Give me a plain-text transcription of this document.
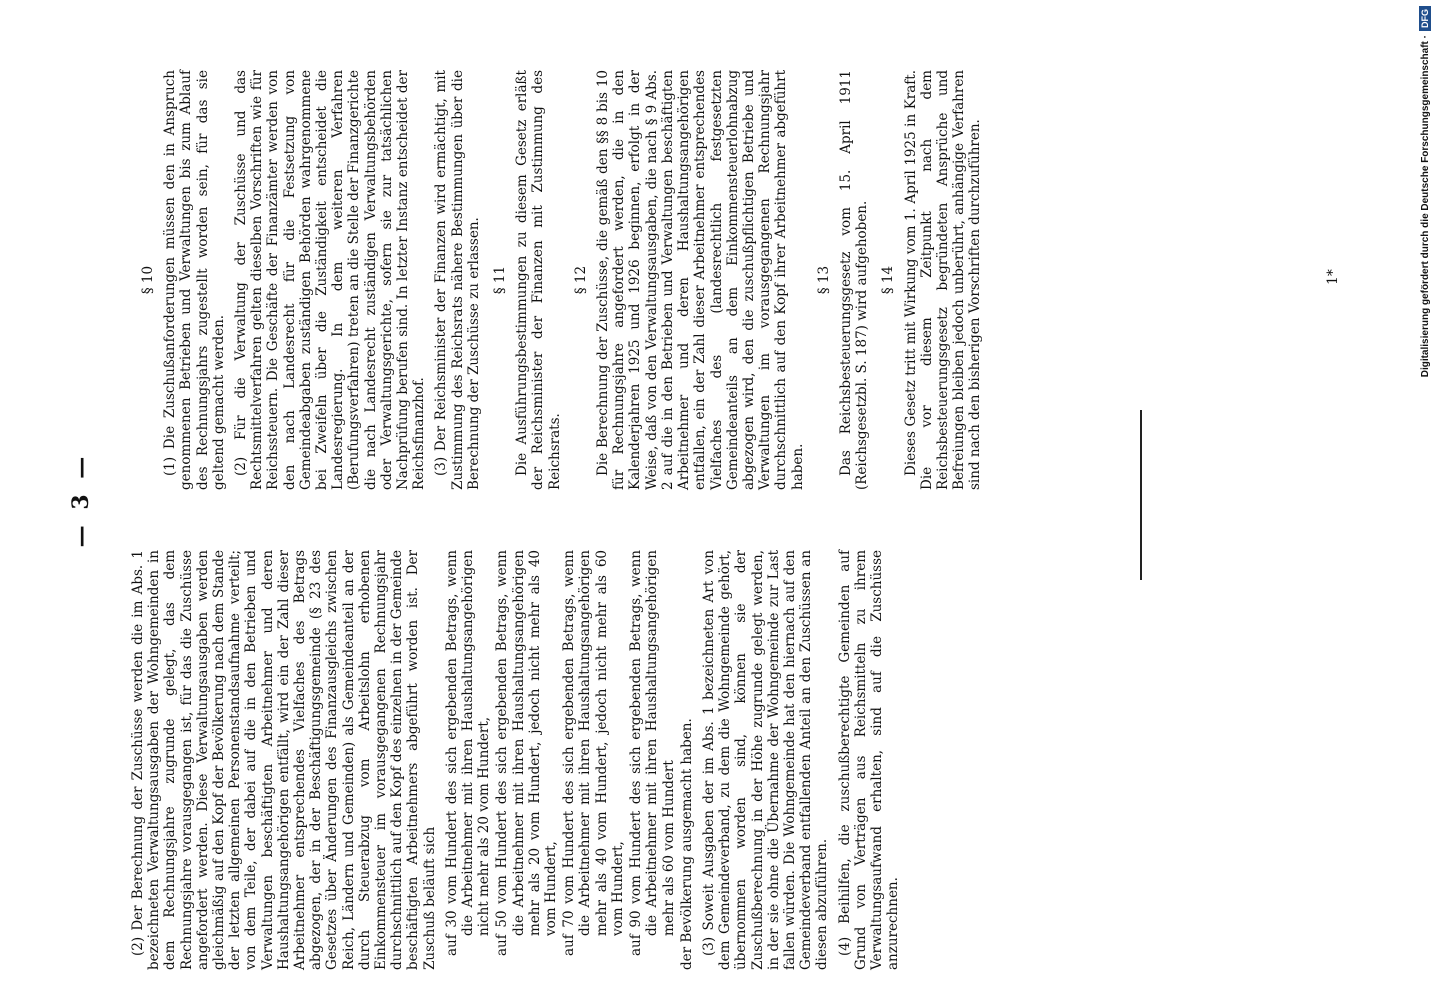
— 3 —

(2) Der Berechnung der Zuschüsse werden die im Abs. 1 bezeichneten Verwaltungsausgaben der Wohngemeinden in dem Rechnungsjahre zugrunde gelegt, das dem Rechnungsjahre vorausgegangen ist, für das die Zuschüsse angefordert werden. Diese Verwaltungsausgaben werden gleichmäßig auf den Kopf der Bevölkerung nach dem Stande der letzten allgemeinen Personenstandsaufnahme verteilt; von dem Teile, der dabei auf die in den Betrieben und Verwaltungen beschäftigten Arbeitnehmer und deren Haushaltungsangehörigen entfällt, wird ein der Zahl dieser Arbeitnehmer entsprechendes Vielfaches des Betrags abgezogen, der in der Beschäftigungsgemeinde (§ 23 des Gesetzes über Änderungen des Finanzausgleichs zwischen Reich, Ländern und Gemeinden) als Gemeindeanteil an der durch Steuerabzug vom Arbeitslohn erhobenen Einkommensteuer im vorausgegangenen Rechnungsjahr durchschnittlich auf den Kopf des einzelnen in der Gemeinde beschäftigten Arbeitnehmers abgeführt worden ist. Der Zuschuß beläuft sich auf 30 vom Hundert des sich ergebenden Betrags, wenn die Arbeitnehmer mit ihren Haushaltungsangehörigen nicht mehr als 20 vom Hundert, auf 50 vom Hundert des sich ergebenden Betrags, wenn die Arbeitnehmer mit ihren Haushaltungsangehörigen mehr als 20 vom Hundert, jedoch nicht mehr als 40 vom Hundert, auf 70 vom Hundert des sich ergebenden Betrags, wenn die Arbeitnehmer mit ihren Haushaltungsangehörigen mehr als 40 vom Hundert, jedoch nicht mehr als 60 vom Hundert, auf 90 vom Hundert des sich ergebenden Betrags, wenn die Arbeitnehmer mit ihren Haushaltungsangehörigen mehr als 60 vom Hundert der Bevölkerung ausgemacht haben. (3) Soweit Ausgaben der im Abs. 1 bezeichneten Art von dem Gemeindeverband, zu dem die Wohngemeinde gehört, übernommen worden sind, können sie der Zuschußberechnung in der Höhe zugrunde gelegt werden, in der sie ohne die Übernahme der Wohngemeinde zur Last fallen würden. Die Wohngemeinde hat den hiernach auf den Gemeindeverband entfallenden Anteil an den Zuschüssen an diesen abzuführen. (4) Beihilfen, die zuschußberechtigte Gemeinden auf Grund von Verträgen aus Reichsmitteln zu ihrem Verwaltungsaufwand erhalten, sind auf die Zuschüsse anzurechnen.

§ 10 (1) Die Zuschußanforderungen müssen den in Anspruch genommenen Betrieben und Verwaltungen bis zum Ablauf des Rechnungsjahrs zugestellt worden sein, für das sie geltend gemacht werden. (2) Für die Verwaltung der Zuschüsse und das Rechtsmittelverfahren gelten dieselben Vorschriften wie für Reichssteuern. Die Geschäfte der Finanzämter werden von den nach Landesrecht für die Festsetzung von Gemeindeabgaben zuständigen Behörden wahrgenommene bei Zweifeln über die Zuständigkeit entscheidet die Landesregierung. In dem weiteren Verfahren (Berufungsverfahren) treten an die Stelle der Finanzgerichte die nach Landesrecht zuständigen Verwaltungsbehörden oder Verwaltungsgerichte, sofern sie zur tatsächlichen Nachprüfung berufen sind. In letzter Instanz entscheidet der Reichsfinanzhof. (3) Der Reichsminister der Finanzen wird ermächtigt, mit Zustimmung des Reichsrats nähere Bestimmungen über die Berechnung der Zuschüsse zu erlassen. § 11 Die Ausführungsbestimmungen zu diesem Gesetz erläßt der Reichsminister der Finanzen mit Zustimmung des Reichsrats.

§ 12 Die Berechnung der Zuschüsse, die gemäß den §§ 8 bis 10 für Rechnungsjahre angefordert werden, die in den Kalenderjahren 1925 und 1926 beginnen, erfolgt in der Weise, daß von den Verwaltungsausgaben, die nach § 9 Abs. 2 auf die in den Betrieben und Verwaltungen beschäftigten Arbeitnehmer und deren Haushaltungsangehörigen entfallen, ein der Zahl dieser Arbeitnehmer entsprechendes Vielfaches des (landesrechtlich festgesetzten Gemeindeanteils an dem Einkommensteuerlohnabzug abgezogen wird, den die zuschußpflichtigen Betriebe und Verwaltungen im vorausgegangenen Rechnungsjahr durchschnittlich auf den Kopf ihrer Arbeitnehmer abgeführt haben.

§ 13 Das Reichsbesteuerungsgesetz vom 15. April 1911 (Reichsgesetzbl. S. 187) wird aufgehoben. § 14 Dieses Gesetz tritt mit Wirkung vom 1. April 1925 in Kraft. Die vor diesem Zeitpunkt nach dem Reichsbesteuerungsgesetz begründeten Ansprüche und Befreiungen bleiben jedoch unberührt, anhängige Verfahren sind nach den bisherigen Vorschriften durchzuführen.	1*	Digitalisierung gefördert durch die Deutsche Forschungsgemeinschaft ·DFG
